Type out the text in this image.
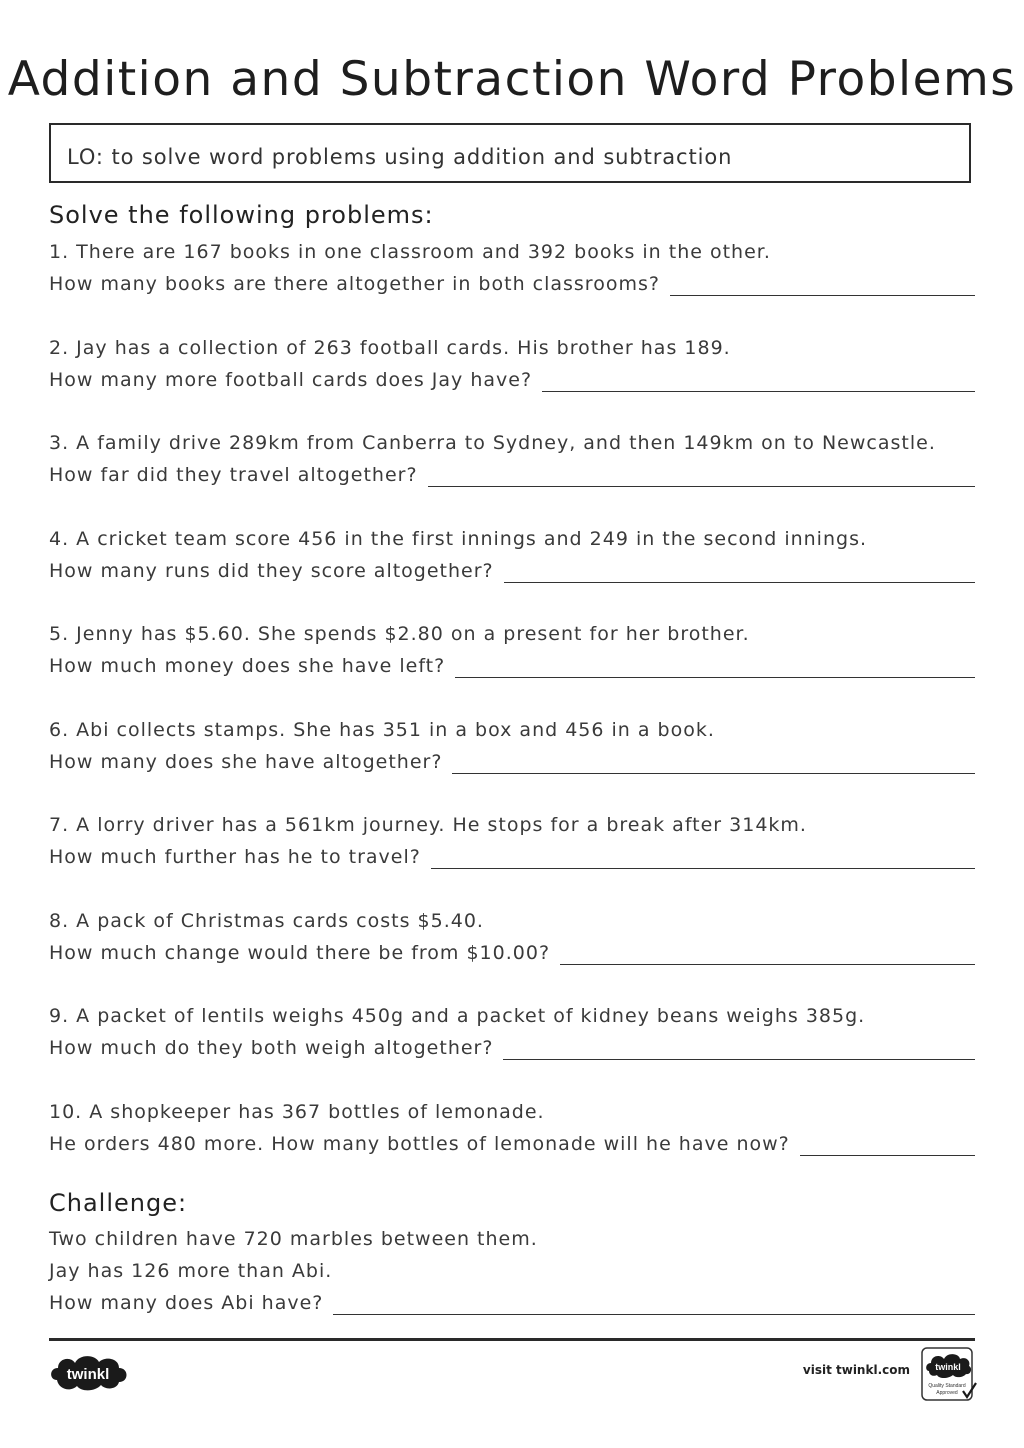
Addition and Subtraction Word Problems
LO: to solve word problems using addition and subtraction
Solve the following problems:
1. There are 167 books in one classroom and 392 books in the other.
How many books are there altogether in both classrooms?
2. Jay has a collection of 263 football cards. His brother has 189.
How many more football cards does Jay have?
3. A family drive 289km from Canberra to Sydney, and then 149km on to Newcastle.
How far did they travel altogether?
4. A cricket team score 456 in the first innings and 249 in the second innings.
How many runs did they score altogether?
5. Jenny has $5.60. She spends $2.80 on a present for her brother.
How much money does she have left?
6. Abi collects stamps. She has 351 in a box and 456 in a book.
How many does she have altogether?
7. A lorry driver has a 561km journey. He stops for a break after 314km.
How much further has he to travel?
8. A pack of Christmas cards costs $5.40.
How much change would there be from $10.00?
9. A packet of lentils weighs 450g and a packet of kidney beans weighs 385g.
How much do they both weigh altogether?
10. A shopkeeper has 367 bottles of lemonade.
He orders 480 more. How many bottles of lemonade will he have now?
Challenge:
Two children have 720 marbles between them.
Jay has 126 more than Abi.
How many does Abi have?
twinkl	visit twinkl.com	twinkl
Quality Standard
Approved
